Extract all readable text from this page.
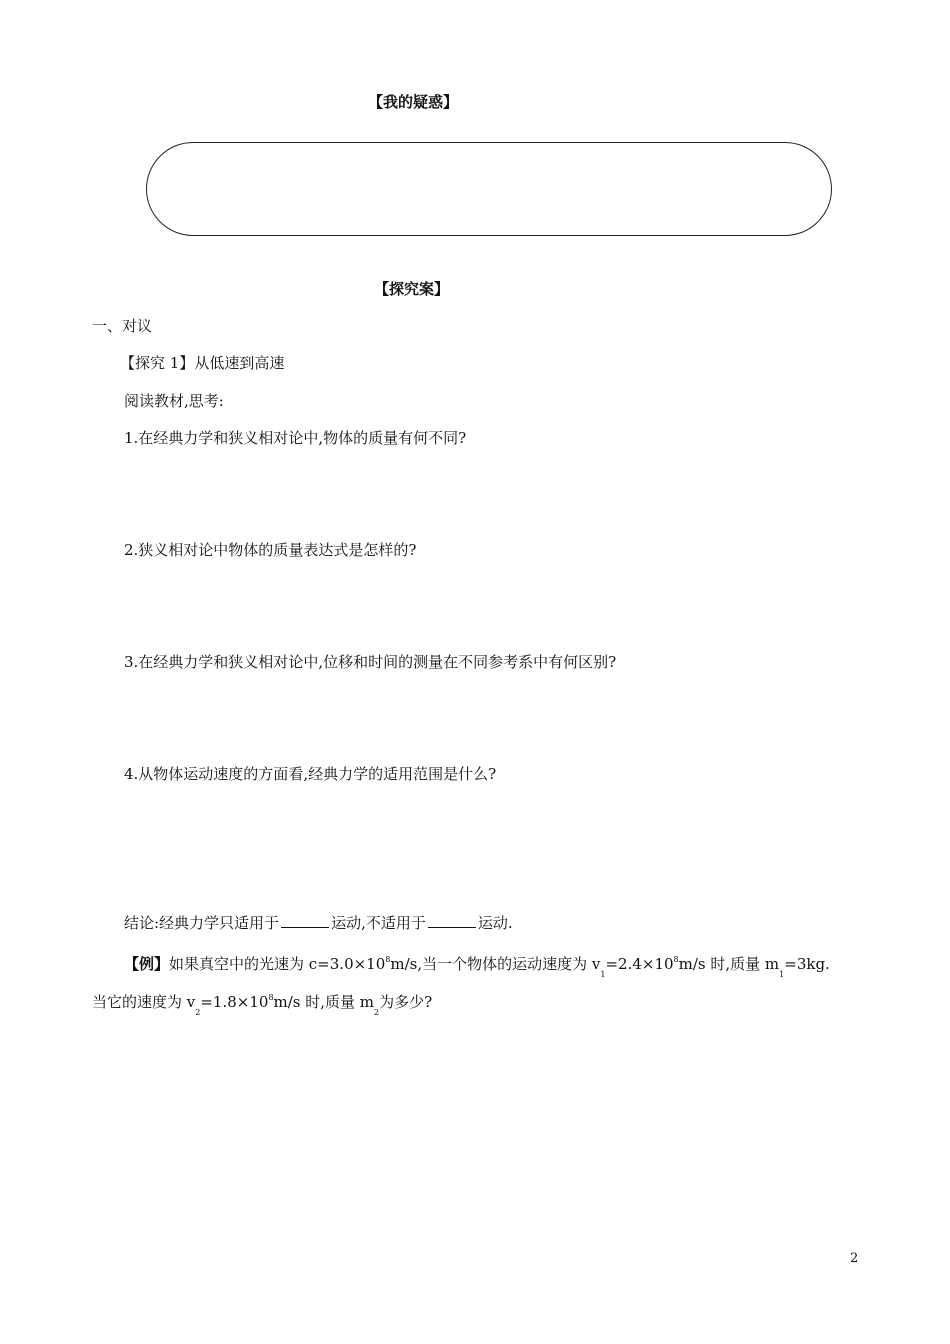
【我的疑惑】
【探究案】
一、对议
【探究 1】从低速到高速
阅读教材,思考:
1.在经典力学和狭义相对论中,物体的质量有何不同?
2.狭义相对论中物体的质量表达式是怎样的?
3.在经典力学和狭义相对论中,位移和时间的测量在不同参考系中有何区别?
4.从物体运动速度的方面看,经典力学的适用范围是什么?
结论:经典力学只适用于	运动,不适用于	运动.
【例】如果真空中的光速为 $c=3.0\times 10^8m/s$,当一个物体的运动速度为 $v_1=2.4\times 10^8m/s$ 时,质量 $m_1=3kg$.
当它的速度为 $v_2=1.8\times 10^8m/s$ 时,质量 $m_2$为多少?
2
